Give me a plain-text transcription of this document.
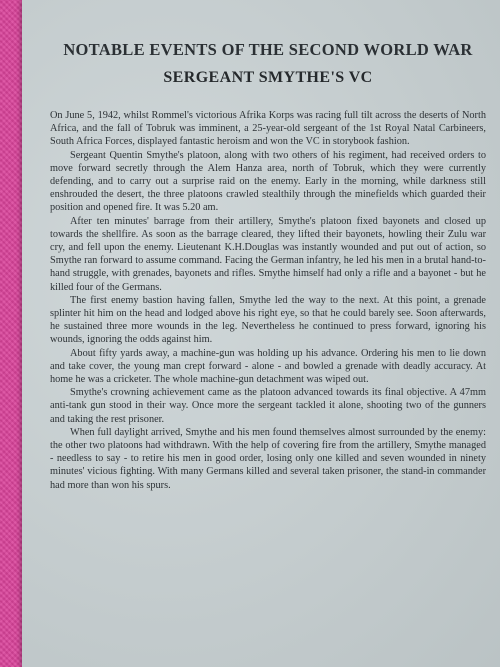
NOTABLE EVENTS OF THE SECOND WORLD WAR
SERGEANT SMYTHE'S VC

On June 5, 1942, whilst Rommel's victorious Afrika Korps was racing full tilt across the deserts of North Africa, and the fall of Tobruk was imminent, a 25-year-old sergeant of the 1st Royal Natal Carbineers, South Africa Forces, displayed fantastic heroism and won the VC in storybook fashion.

Sergeant Quentin Smythe's platoon, along with two others of his regiment, had received orders to move forward secretly through the Alem Hanza area, north of Tobruk, which they were currently defending, and to carry out a surprise raid on the enemy. Early in the morning, while darkness still enshrouded the desert, the three platoons crawled stealthily through the minefields which guarded their position and opened fire. It was 5.20 am.

After ten minutes' barrage from their artillery, Smythe's platoon fixed bayonets and closed up towards the shellfire. As soon as the barrage cleared, they lifted their bayonets, howling their Zulu war cry, and fell upon the enemy. Lieutenant K.H.Douglas was instantly wounded and put out of action, so Smythe ran forward to assume command. Facing the German infantry, he led his men in a brutal hand-to-hand struggle, with grenades, bayonets and rifles. Smythe himself had only a rifle and a bayonet - but he killed four of the Germans.

The first enemy bastion having fallen, Smythe led the way to the next. At this point, a grenade splinter hit him on the head and lodged above his right eye, so that he could barely see. Soon afterwards, he sustained three more wounds in the leg. Nevertheless he continued to press forward, ignoring his wounds, ignoring the odds against him.

About fifty yards away, a machine-gun was holding up his advance. Ordering his men to lie down and take cover, the young man crept forward - alone - and bowled a grenade with deadly accuracy. At home he was a cricketer. The whole machine-gun detachment was wiped out.

Smythe's crowning achievement came as the platoon advanced towards its final objective. A 47mm anti-tank gun stood in their way. Once more the sergeant tackled it alone, shooting two of the gunners and taking the rest prisoner.

When full daylight arrived, Smythe and his men found themselves almost surrounded by the enemy: the other two platoons had withdrawn. With the help of covering fire from the artillery, Smythe managed - needless to say - to retire his men in good order, losing only one killed and seven wounded in ninety minutes' vicious fighting. With many Germans killed and several taken prisoner, the stand-in commander had more than won his spurs.
